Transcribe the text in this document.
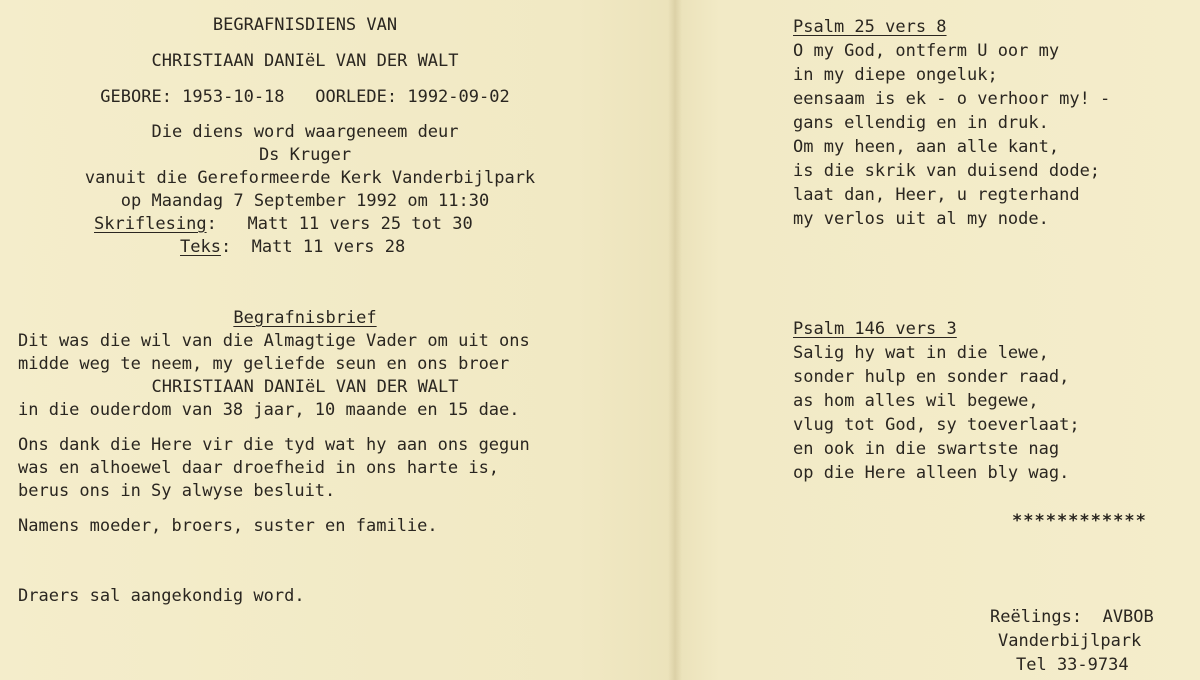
BEGRAFNISDIENS VAN
CHRISTIAAN DANIëL VAN DER WALT
GEBORE: 1953-10-18   OORLEDE: 1992-09-02
Die diens word waargeneem deur
Ds Kruger
vanuit die Gereformeerde Kerk Vanderbijlpark
op Maandag 7 September 1992 om 11:30
Skriflesing:   Matt 11 vers 25 tot 30
Teks:  Matt 11 vers 28
Begrafnisbrief
Dit was die wil van die Almagtige Vader om uit ons
midde weg te neem, my geliefde seun en ons broer
CHRISTIAAN DANIëL VAN DER WALT
in die ouderdom van 38 jaar, 10 maande en 15 dae.
Ons dank die Here vir die tyd wat hy aan ons gegun
was en alhoewel daar droefheid in ons harte is,
berus ons in Sy alwyse besluit.
Namens moeder, broers, suster en familie.
Draers sal aangekondig word.
Psalm 25 vers 8
O my God, ontferm U oor my
in my diepe ongeluk;
eensaam is ek - o verhoor my! -
gans ellendig en in druk.
Om my heen, aan alle kant,
is die skrik van duisend dode;
laat dan, Heer, u regterhand
my verlos uit al my node.
Psalm 146 vers 3
Salig hy wat in die lewe,
sonder hulp en sonder raad,
as hom alles wil begewe,
vlug tot God, sy toeverlaat;
en ook in die swartste nag
op die Here alleen bly wag.
************
Reëlings:  AVBOB
Vanderbijlpark
Tel 33-9734
